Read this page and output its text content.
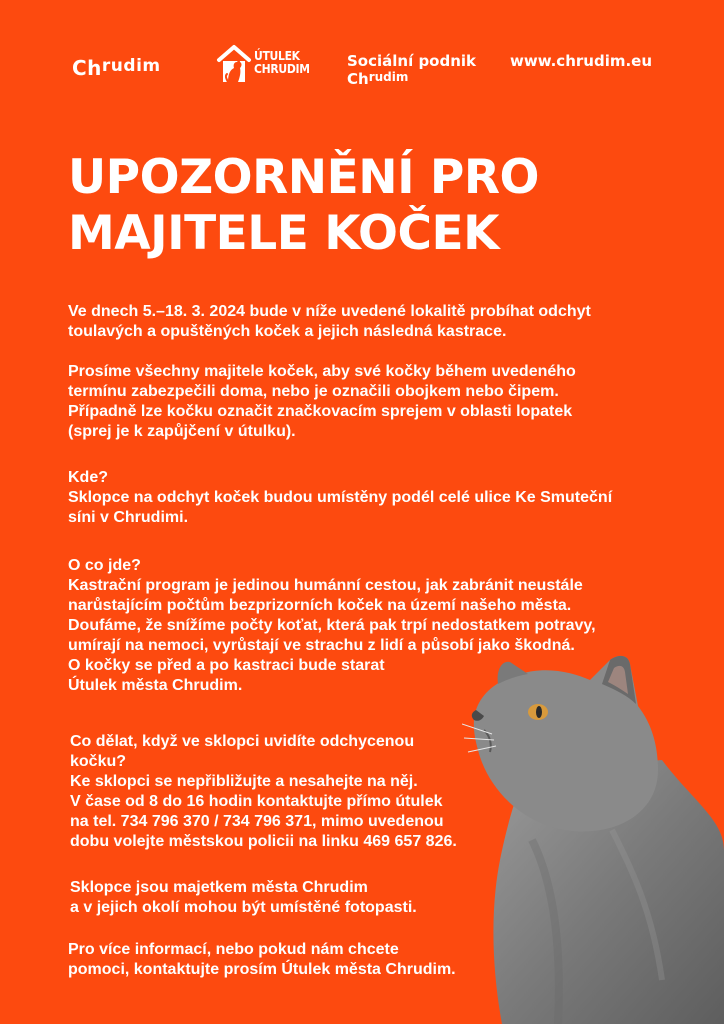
$Ch^{rudim}$	ÚTULEK
CHRUDIM Sociální podnik
$Ch^{rudim}$
www.chrudim.eu
UPOZORNĚNÍ PRO
MAJITELE KOČEK
Ve dnech 5.–18. 3. 2024 bude v níže uvedené lokalitě probíhat odchyt
toulavých a opuštěných koček a jejich následná kastrace.
Prosíme všechny majitele koček, aby své kočky během uvedeného
termínu zabezpečili doma, nebo je označili obojkem nebo čipem.
Případně lze kočku označit značkovacím sprejem v oblasti lopatek
(sprej je k zapůjčení v útulku).
Kde?
Sklopce na odchyt koček budou umístěny podél celé ulice Ke Smuteční
síni v Chrudimi.
O co jde?
Kastrační program je jedinou humánní cestou, jak zabránit neustále
narůstajícím počtům bezprizorních koček na území našeho města.
Doufáme, že snížíme počty koťat, která pak trpí nedostatkem potravy,
umírají na nemoci, vyrůstají ve strachu z lidí a působí jako škodná.
O kočky se před a po kastraci bude starat
Útulek města Chrudim.
Co dělat, když ve sklopci uvidíte odchycenou
kočku?
Ke sklopci se nepřibližujte a nesahejte na něj.
V čase od 8 do 16 hodin kontaktujte přímo útulek
na tel. 734 796 370 / 734 796 371, mimo uvedenou
dobu volejte městskou policii na linku 469 657 826.
Sklopce jsou majetkem města Chrudim
a v jejich okolí mohou být umístěné fotopasti.
Pro více informací, nebo pokud nám chcete
pomoci, kontaktujte prosím Útulek města Chrudim.
